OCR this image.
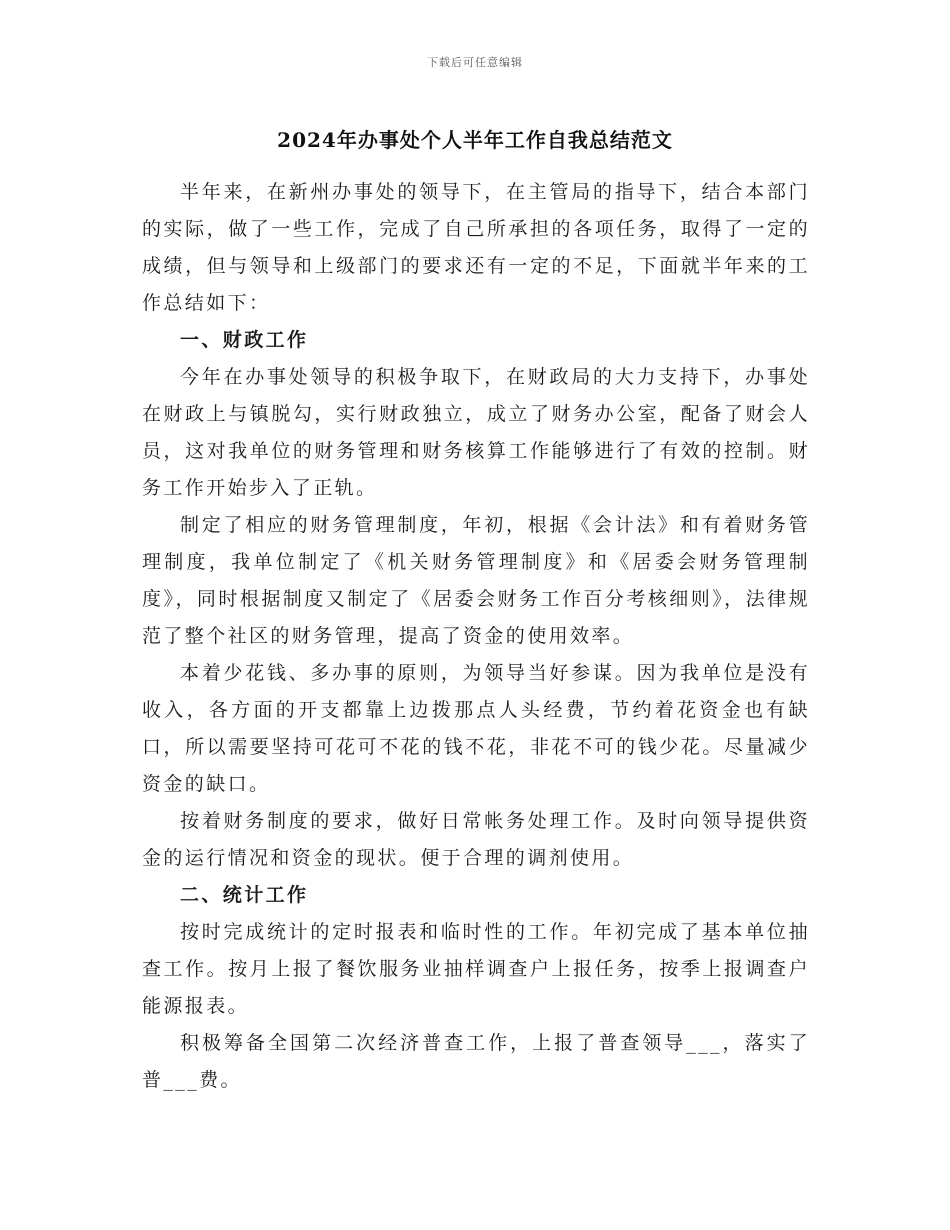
下载后可任意编辑
2024年办事处个人半年工作自我总结范文

半年来，在新州办事处的领导下，在主管局的指导下，结合本部门的实际，做了一些工作，完成了自己所承担的各项任务，取得了一定的成绩，但与领导和上级部门的要求还有一定的不足，下面就半年来的工作总结如下：

一、财政工作

今年在办事处领导的积极争取下，在财政局的大力支持下，办事处在财政上与镇脱勾，实行财政独立，成立了财务办公室，配备了财会人员，这对我单位的财务管理和财务核算工作能够进行了有效的控制。财务工作开始步入了正轨。

制定了相应的财务管理制度，年初，根据《会计法》和有着财务管理制度，我单位制定了《机关财务管理制度》和《居委会财务管理制度》，同时根据制度又制定了《居委会财务工作百分考核细则》，法律规范了整个社区的财务管理，提高了资金的使用效率。

本着少花钱、多办事的原则，为领导当好参谋。因为我单位是没有收入，各方面的开支都靠上边拨那点人头经费，节约着花资金也有缺口，所以需要坚持可花可不花的钱不花，非花不可的钱少花。尽量减少资金的缺口。

按着财务制度的要求，做好日常帐务处理工作。及时向领导提供资金的运行情况和资金的现状。便于合理的调剂使用。

二、统计工作

按时完成统计的定时报表和临时性的工作。年初完成了基本单位抽查工作。按月上报了餐饮服务业抽样调查户上报任务，按季上报调查户能源报表。

积极筹备全国第二次经济普查工作，上报了普查领导___，落实了普___费。
